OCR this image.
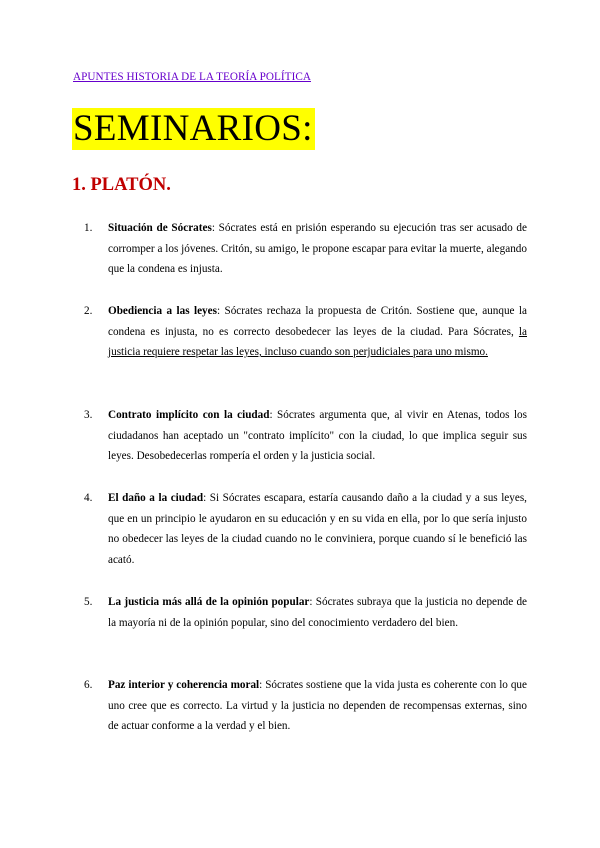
APUNTES HISTORIA DE LA TEORÍA POLÍTICA
SEMINARIOS:
1. PLATÓN.
1.	Situación de Sócrates: Sócrates está en prisión esperando su ejecución tras ser acusado de corromper a los jóvenes. Critón, su amigo, le propone escapar para evitar la muerte, alegando que la condena es injusta.
2.	Obediencia a las leyes: Sócrates rechaza la propuesta de Critón. Sostiene que, aunque la condena es injusta, no es correcto desobedecer las leyes de la ciudad. Para Sócrates, la justicia requiere respetar las leyes, incluso cuando son perjudiciales para uno mismo.
3.	Contrato implícito con la ciudad: Sócrates argumenta que, al vivir en Atenas, todos los ciudadanos han aceptado un "contrato implícito" con la ciudad, lo que implica seguir sus leyes. Desobedecerlas rompería el orden y la justicia social.
4.	El daño a la ciudad: Si Sócrates escapara, estaría causando daño a la ciudad y a sus leyes, que en un principio le ayudaron en su educación y en su vida en ella, por lo que sería injusto no obedecer las leyes de la ciudad cuando no le conviniera, porque cuando sí le benefició las acató.
5.	La justicia más allá de la opinión popular: Sócrates subraya que la justicia no depende de la mayoría ni de la opinión popular, sino del conocimiento verdadero del bien.
6.	Paz interior y coherencia moral: Sócrates sostiene que la vida justa es coherente con lo que uno cree que es correcto. La virtud y la justicia no dependen de recompensas externas, sino de actuar conforme a la verdad y el bien.
